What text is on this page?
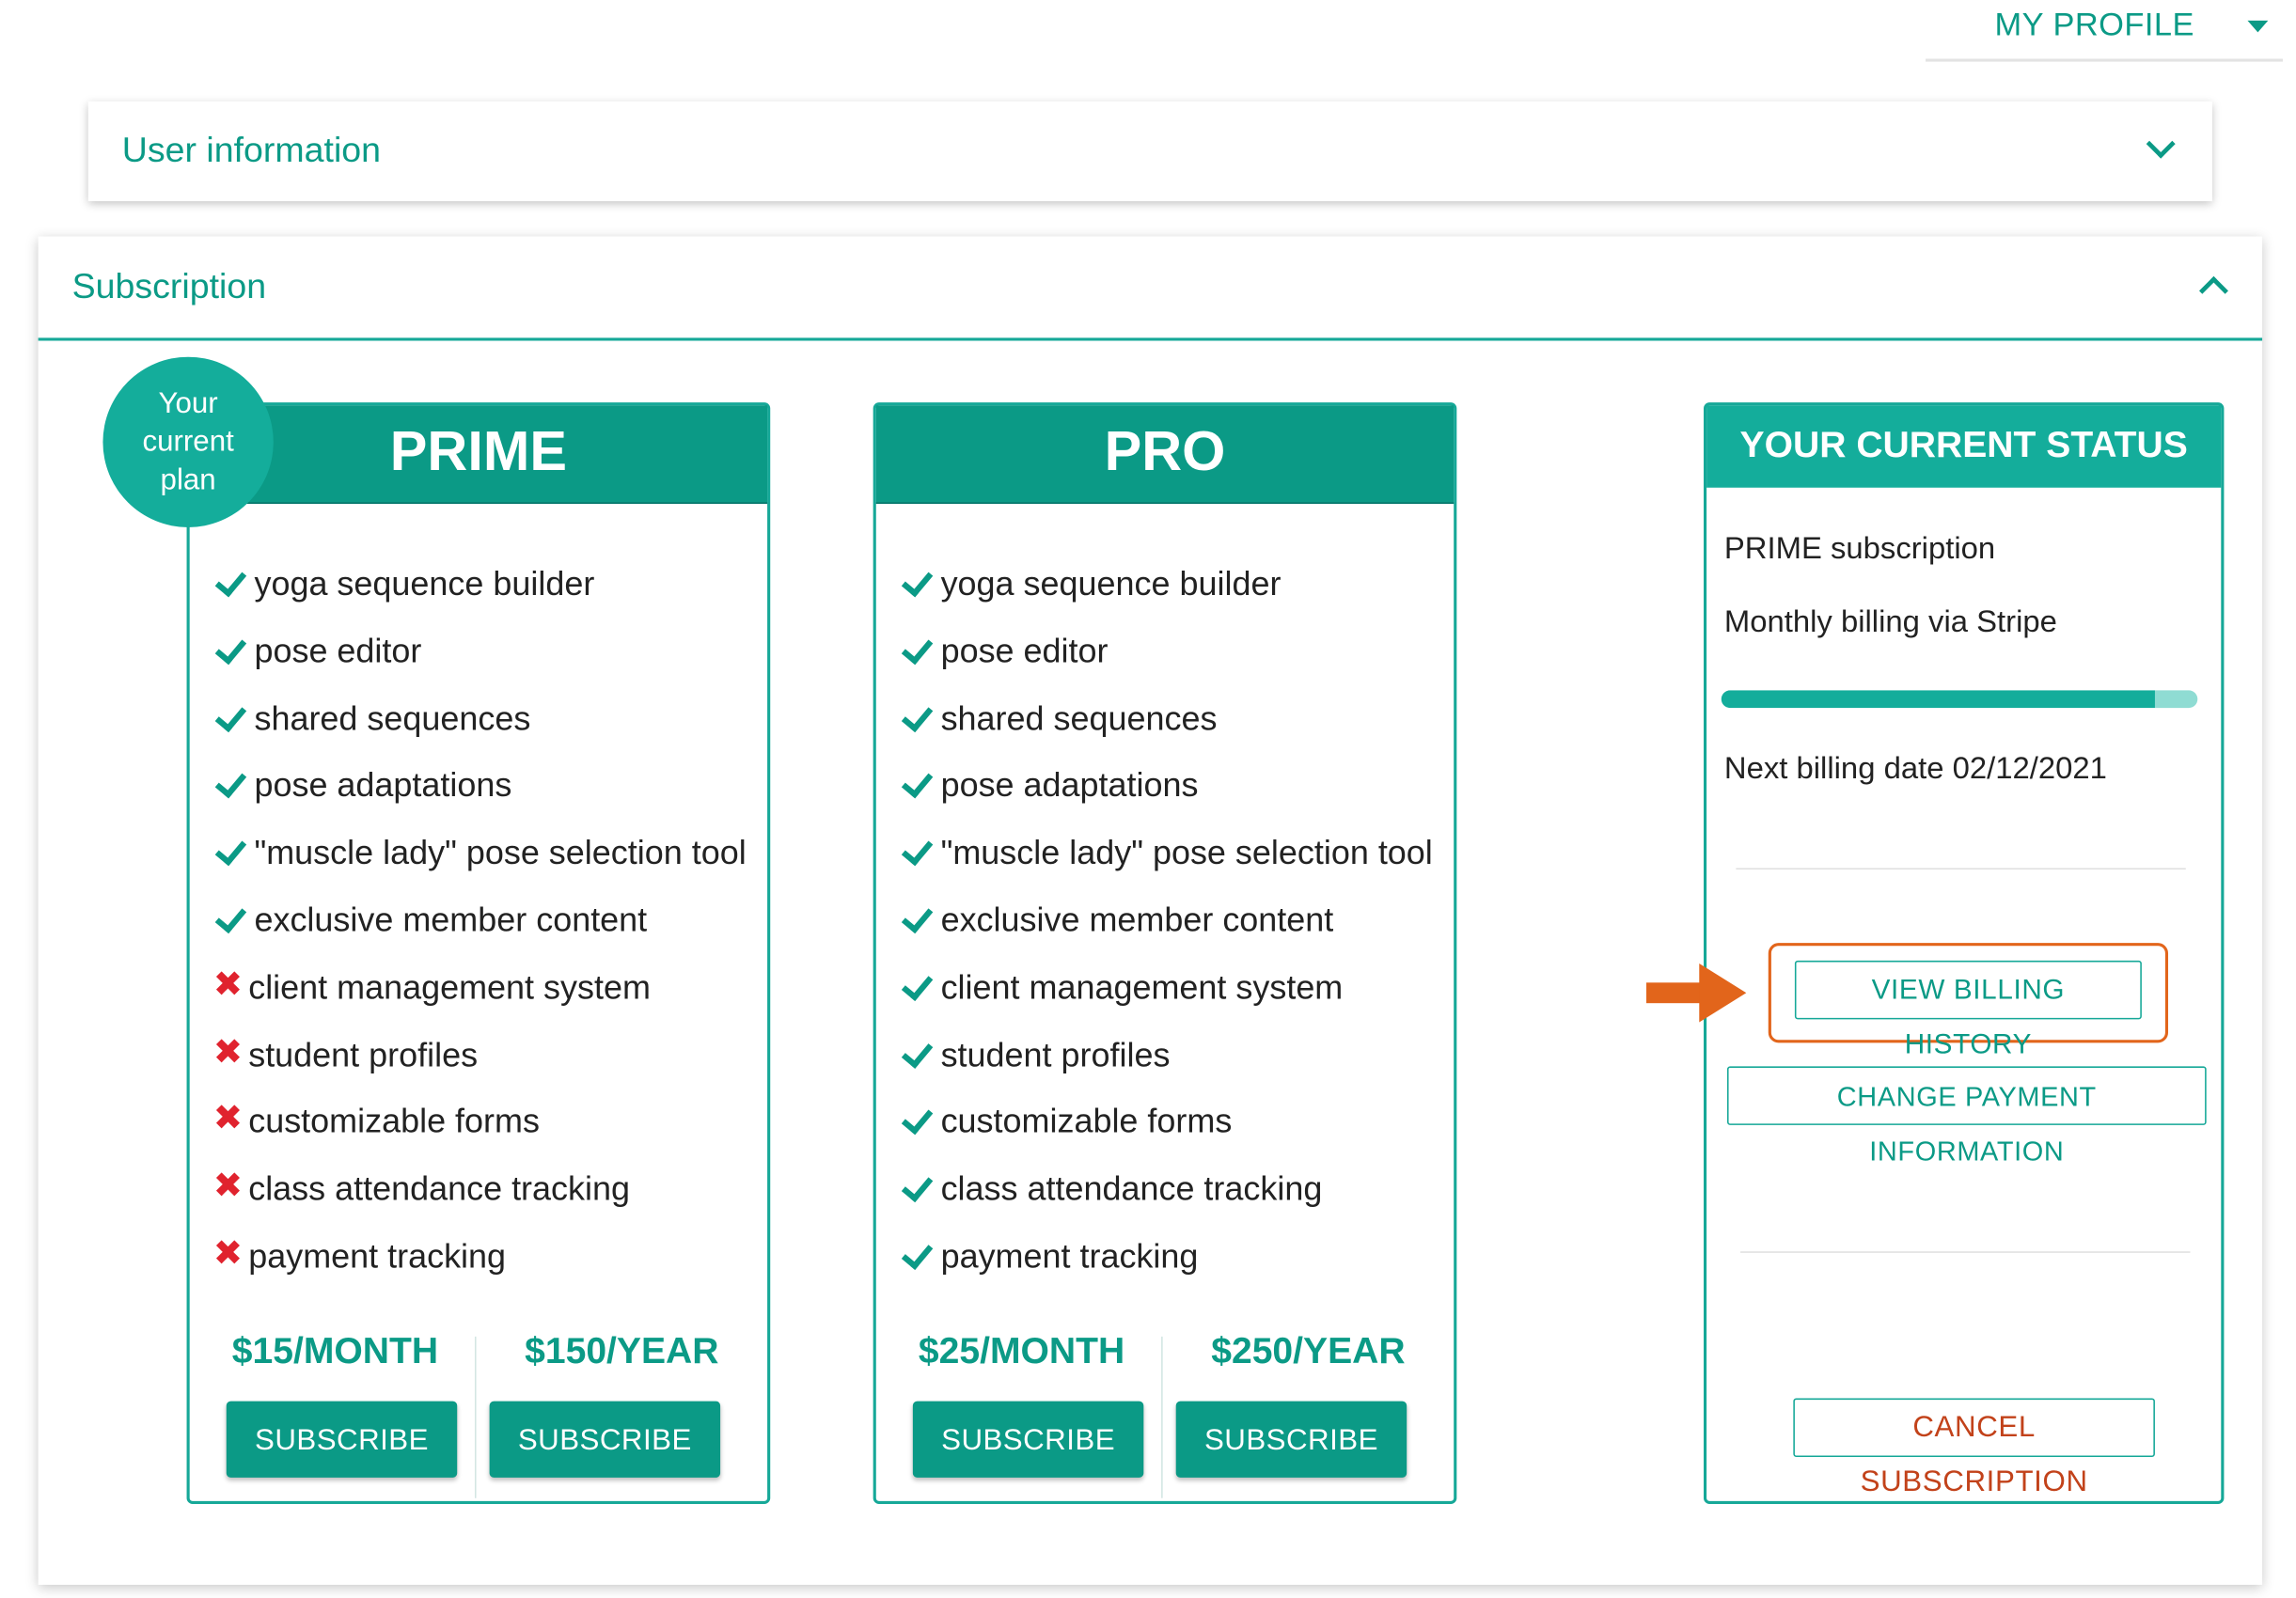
MY PROFILE
User information
Subscription
PRIME
yoga sequence builder
pose editor
shared sequences
pose adaptations
"muscle lady" pose selection tool
exclusive member content
✖ client management system
✖ student profiles
✖ customizable forms
✖ class attendance tracking
✖ payment tracking
$15/MONTH	$150/YEAR
SUBSCRIBE	SUBSCRIBE
Your current plan	PRO
yoga sequence builder
pose editor
shared sequences
pose adaptations
"muscle lady" pose selection tool
exclusive member content
client management system
student profiles
customizable forms
class attendance tracking
payment tracking
$25/MONTH	$250/YEAR
SUBSCRIBE	SUBSCRIBE
YOUR CURRENT STATUS
PRIME subscription
Monthly billing via Stripe
Next billing date 02/12/2021
VIEW BILLING HISTORY
CHANGE PAYMENT INFORMATION
CANCEL SUBSCRIPTION
